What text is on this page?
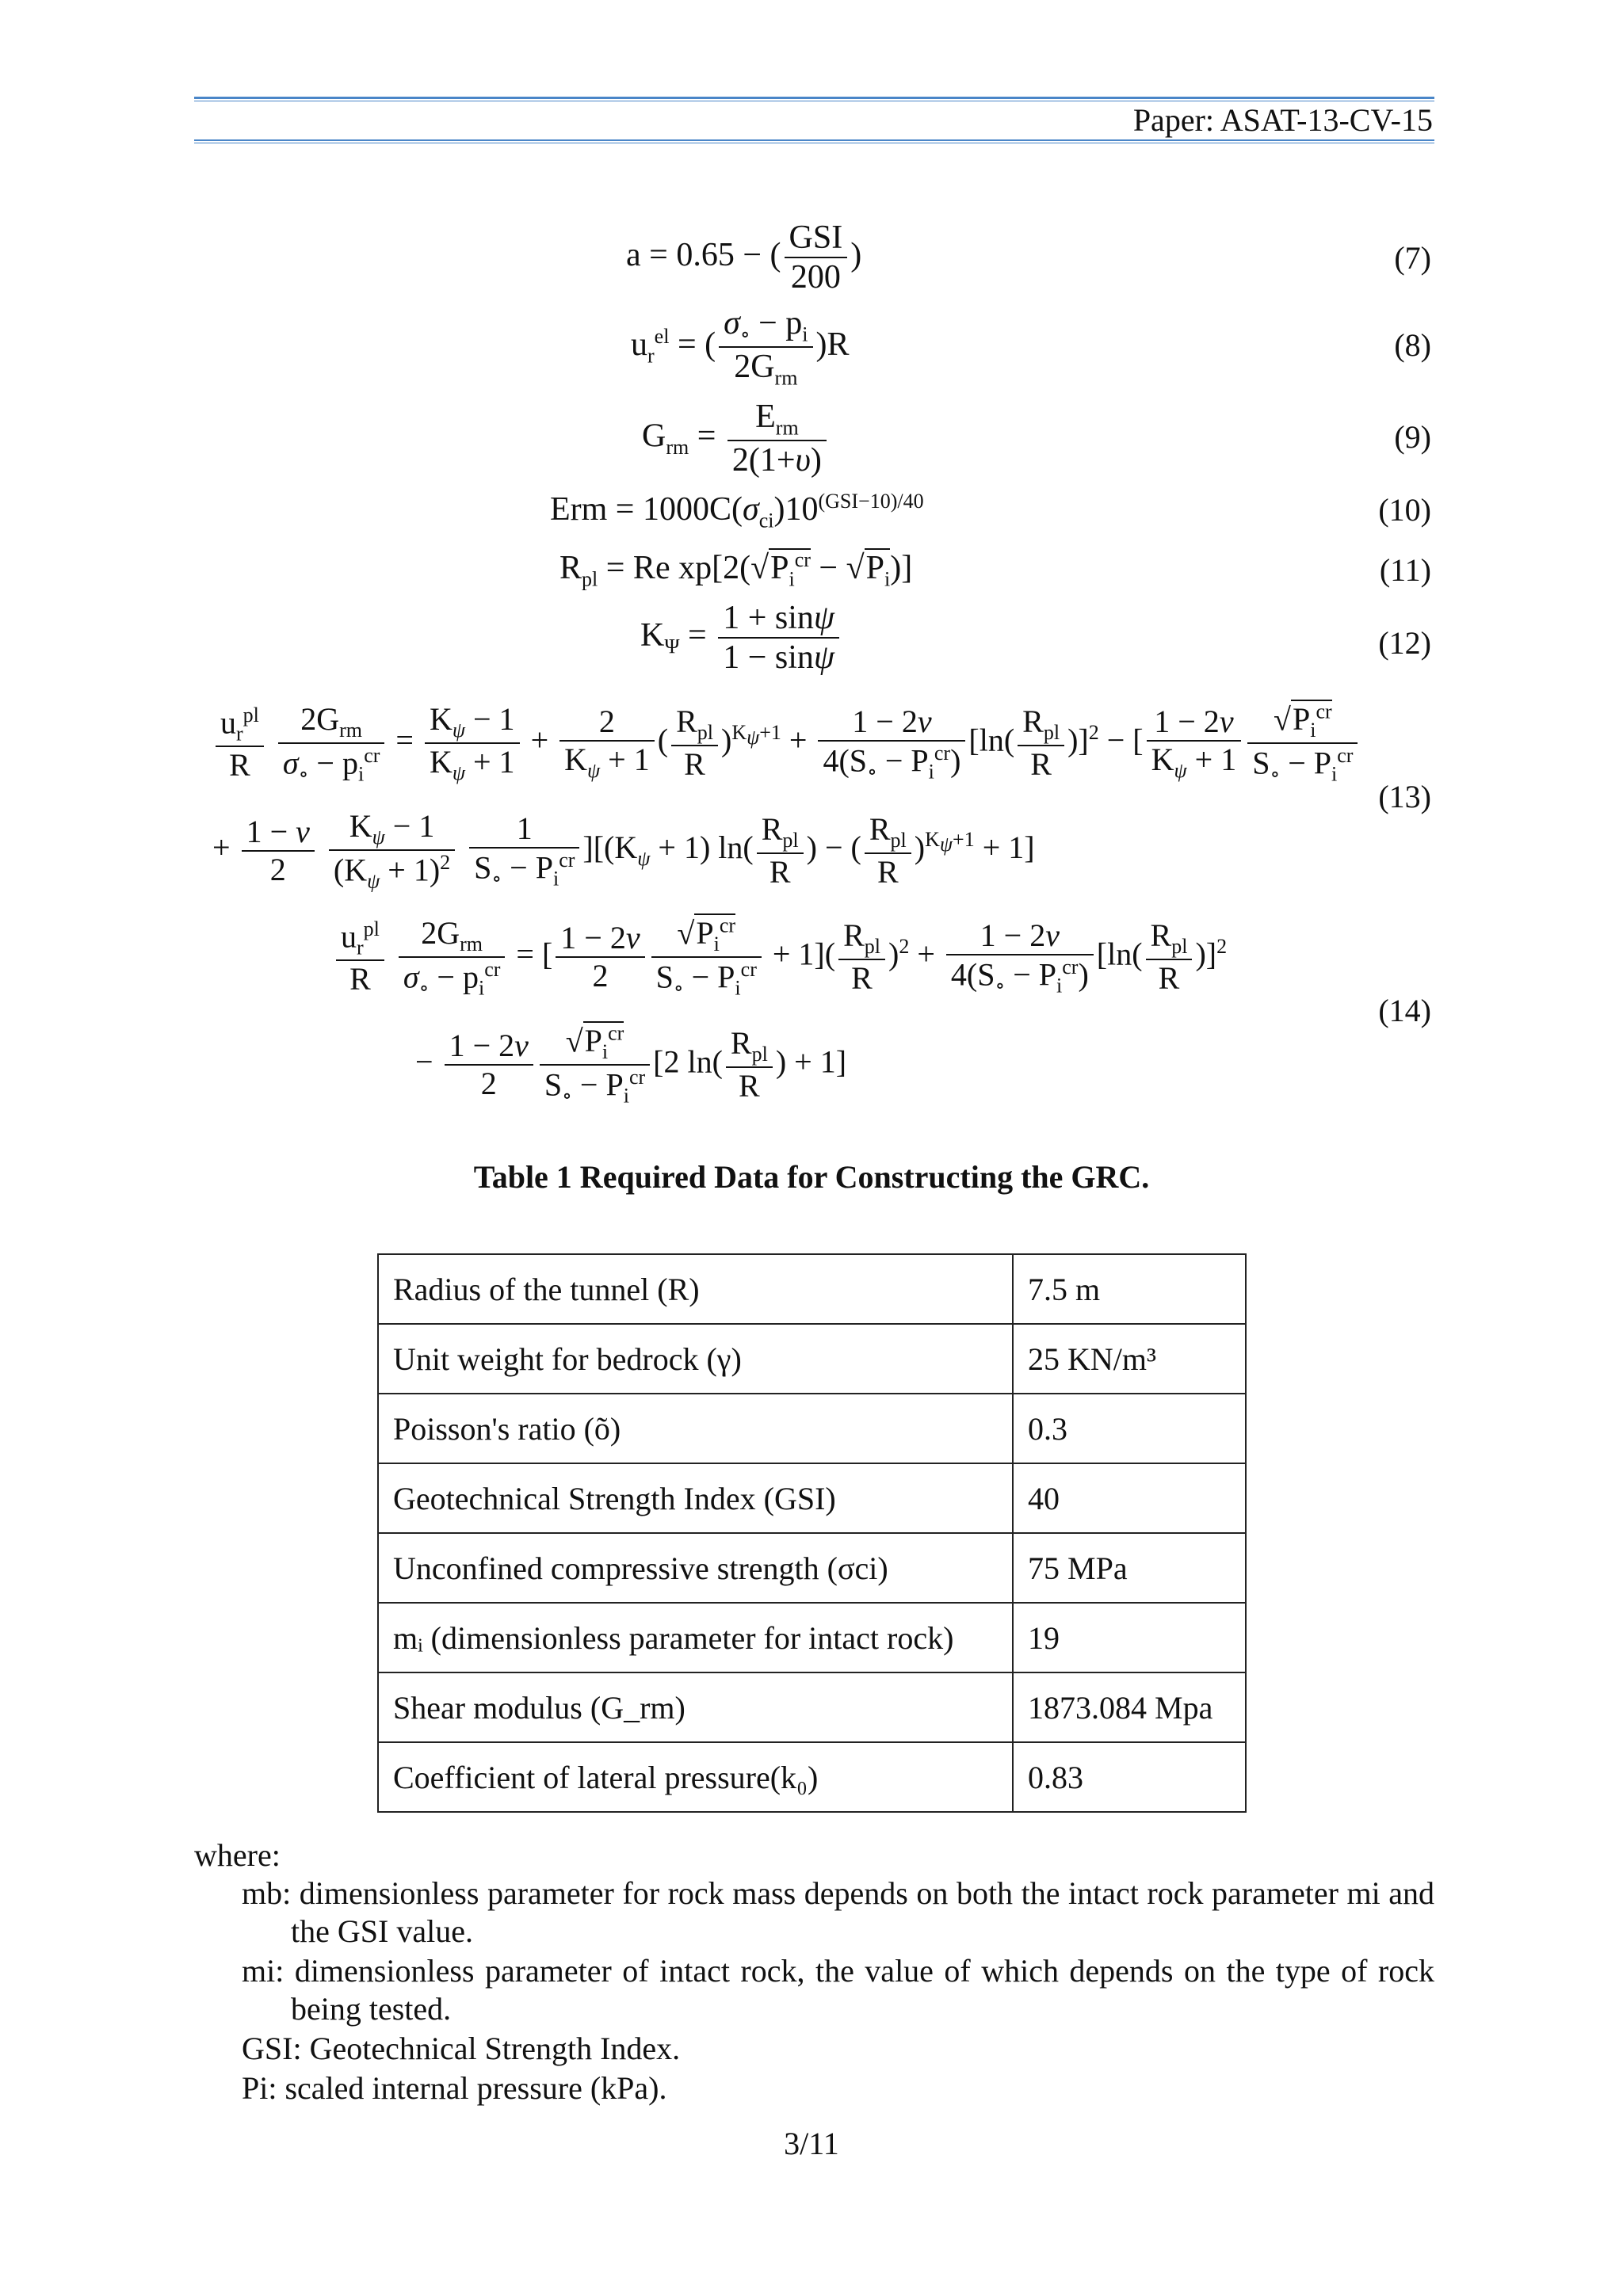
Paper: ASAT-13-CV-15
a = 0.65 − ( $\frac{\text{GSI}}{200}$ )	(7)
$u_r^{el}$ = ( $\frac{\sigma_\circ - p_i}{2G_{rm}} )R$	(8)
$G_{rm} = \frac{E_{rm}}{2(1+\upsilon)}$	(9)
Erm = $1000C(\sigma_{ci})10^{(GSI-10)/40}$	(10)
$R_{pl} = Re$ $xp[2(√P_i^{cr} - √P_i)]$	(11)
$K_\Psi = \frac{1 + \sin\psi}{1 - \sin\psi}$	(12)
$\frac{u_r^{pl}}{R}$
$\frac{2G_{rm}}{\sigma_\circ - p_i^{cr}} = \frac{K_\psi - 1}{K_\psi + 1} + \frac{2}{K_\psi + 1}$ ( $\frac{R_{pl}}{R} )^{K_\psi+1} + \frac{1 - 2\nu}{4(S_\circ - P_i^{cr})} [\ln( \frac{R_{pl}}{R} )]^2$ − [ $\frac{1 - 2\nu}{K_\psi + 1} \frac{√P_i^{cr}}{S_\circ - P_i^{cr}}$
+ $\frac{1 - \nu}{2}$
$\frac{K_\psi - 1}{(K_\psi + 1)^2}$
$\frac{1}{S_\circ - P_i^{cr}} ][(K_\psi + 1)$ $\ln( \frac{R_{pl}}{R}$ ) − ( $\frac{R_{pl}}{R} )^{K_\psi+1} + 1$]
(13)
$\frac{u_r^{pl}}{R}$
$\frac{2G_{rm}}{\sigma_\circ - p_i^{cr}}$ = [ $\frac{1 - 2\nu}{2} \frac{√P_i^{cr}}{S_\circ - P_i^{cr}} + 1]( \frac{R_{pl}}{R} )^2 + \frac{1 - 2\nu}{4(S_\circ - P_i^{cr})} [\ln( \frac{R_{pl}}{R} )]^2$
− $\frac{1 - 2\nu}{2} \frac{√P_i^{cr}}{S_\circ - P_i^{cr}} [2$ $\ln( \frac{R_{pl}}{R}$ ) + 1]
(14)
Table 1 Required Data for Constructing the GRC.
Radius of the tunnel (R)	7.5 m
Unit weight for bedrock (γ)	25 KN/m³
Poisson's ratio (õ)	0.3
Geotechnical Strength Index (GSI)	40
Unconfined compressive strength (σci)	75 MPa
mᵢ (dimensionless parameter for intact rock)	19
Shear modulus (G_rm)	1873.084 Mpa
Coefficient of lateral pressure(k₀)	0.83
where:
mb: dimensionless parameter for rock mass depends on both the intact rock parameter mi and the GSI value.
mi: dimensionless parameter of intact rock, the value of which depends on the type of rock being tested.
GSI: Geotechnical Strength Index.
Pi: scaled internal pressure (kPa).
3/11
